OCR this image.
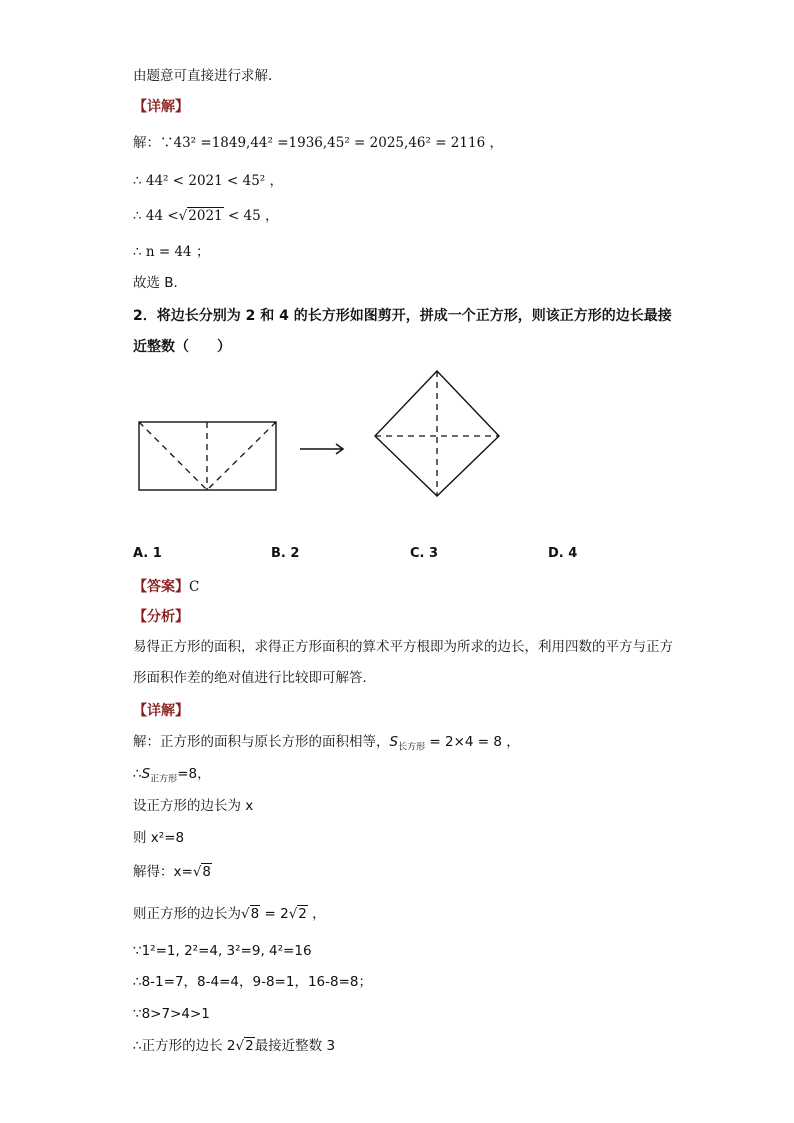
由题意可直接进行求解．
【详解】
解：∵43² =1849,44² =1936,45² = 2025,46² = 2116 ，
∴ 44² < 2021 < 45² ，
∴ 44 <√2021 < 45 ，
∴ n = 44 ；
故选 B．
2．将边长分别为 2 和 4 的长方形如图剪开，拼成一个正方形，则该正方形的边长最接
近整数（　　）
A. 1	B. 2	C. 3	D. 4
【答案】C
【分析】
易得正方形的面积，求得正方形面积的算术平方根即为所求的边长，利用四数的平方与正方形面积作差的绝对值进行比较即可解答．
【详解】
解：正方形的面积与原长方形的面积相等，$S_{长方形} = 2\times 4 = 8$ ，
$\therefore S_{正方形}=8$，
设正方形的边长为 x
则 x²=8
解得：x=√8
则正方形的边长为√8 = 2√2 ，
∵1²=1, 2²=4, 3²=9, 4²=16
∴8-1=7，8-4=4，9-8=1，16-8=8；
∵8>7>4>1
∴正方形的边长 2√2最接近整数 3
